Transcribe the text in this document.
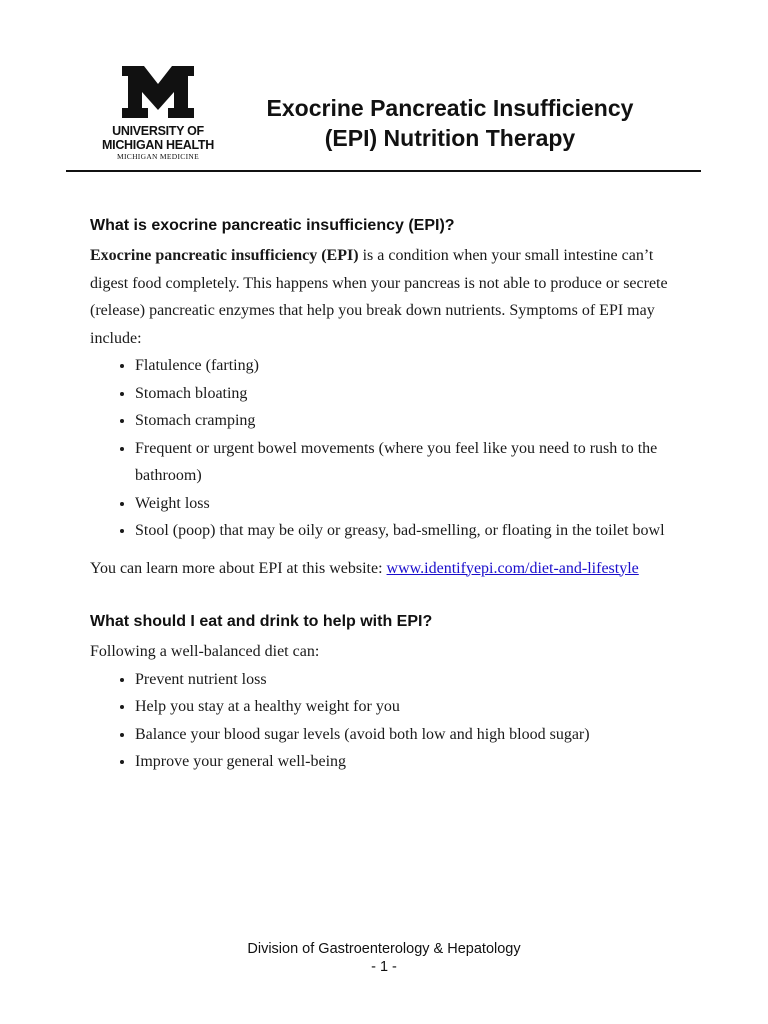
UNIVERSITY OF
MICHIGAN HEALTH
MICHIGAN MEDICINE
Exocrine Pancreatic Insufficiency
(EPI) Nutrition Therapy
What is exocrine pancreatic insufficiency (EPI)?

Exocrine pancreatic insufficiency (EPI) is a condition when your small intestine can’t digest food completely. This happens when your pancreas is not able to produce or secrete (release) pancreatic enzymes that help you break down nutrients. Symptoms of EPI may include:

• Flatulence (farting)
• Stomach bloating
• Stomach cramping
• Frequent or urgent bowel movements (where you feel like you need to rush to the bathroom)
• Weight loss
• Stool (poop) that may be oily or greasy, bad-smelling, or floating in the toilet bowl

You can learn more about EPI at this website: www.identifyepi.com/diet-and-lifestyle

What should I eat and drink to help with EPI?

Following a well-balanced diet can:

• Prevent nutrient loss
• Help you stay at a healthy weight for you
• Balance your blood sugar levels (avoid both low and high blood sugar)
• Improve your general well-being
Division of Gastroenterology & Hepatology
- 1 -
